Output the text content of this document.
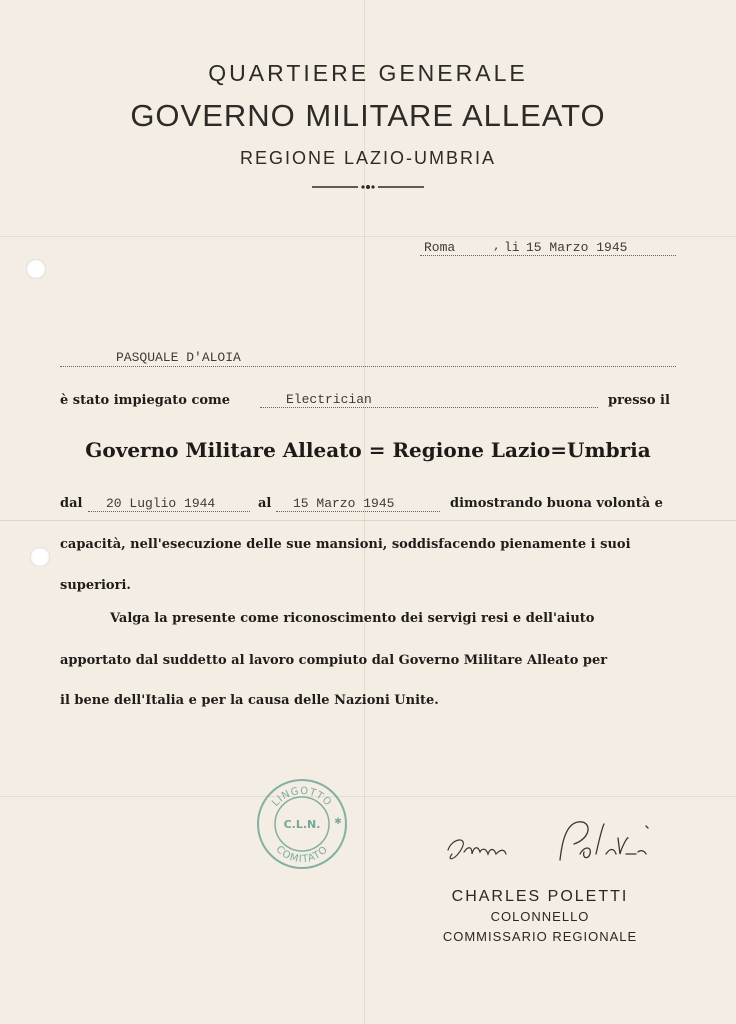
QUARTIERE GENERALE
GOVERNO MILITARE ALLEATO
REGIONE LAZIO-UMBRIA
Roma	, li 15 Marzo 1945
PASQUALE D'ALOIA
è stato impiegato come	Electrician	presso il
Governo Militare Alleato = Regione Lazio=Umbria
dal 20 Luglio 1944	al 15 Marzo 1945	dimostrando buona volontà e
capacità, nell'esecuzione delle sue mansioni, soddisfacendo pienamente i suoi
superiori.
Valga la presente come riconoscimento dei servigi resi e dell'aiuto
apportato dal suddetto al lavoro compiuto dal Governo Militare Alleato per
il bene dell'Italia e per la causa delle Nazioni Unite.
LINGOTTO
COMITATO
C.L.N. ✱
CHARLES POLETTI
COLONNELLO
COMMISSARIO REGIONALE
